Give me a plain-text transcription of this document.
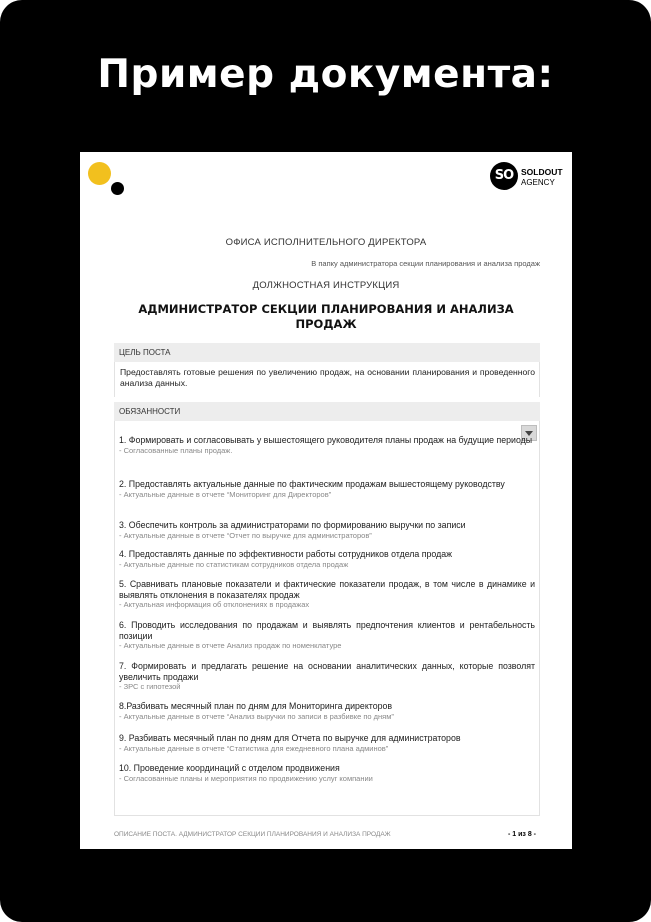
Пример документа:
SO SOLDOUT
AGENCY
ОФИСА ИСПОЛНИТЕЛЬНОГО ДИРЕКТОРА
В папку администратора секции планирования и анализа продаж
ДОЛЖНОСТНАЯ ИНСТРУКЦИЯ
АДМИНИСТРАТОР СЕКЦИИ ПЛАНИРОВАНИЯ И АНАЛИЗА ПРОДАЖ
ЦЕЛЬ ПОСТА
Предоставлять готовые решения по увеличению продаж, на основании планирования и проведенного анализа данных.
ОБЯЗАННОСТИ
1. Формировать и согласовывать у вышестоящего руководителя планы продаж на будущие периоды
- Согласованные планы продаж.
2. Предоставлять актуальные данные по фактическим продажам вышестоящему руководству
- Актуальные данные в отчете “Мониторинг для Директоров”
3. Обеспечить контроль за администраторами по формированию выручки по записи
- Актуальные данные в отчете “Отчет по выручке для администраторов”
4. Предоставлять данные по эффективности работы сотрудников отдела продаж
- Актуальные данные по статистикам сотрудников отдела продаж
5. Сравнивать плановые показатели и фактические показатели продаж, в том числе в динамике и выявлять отклонения в показателях продаж
- Актуальная информация об отклонениях в продажах
6. Проводить исследования по продажам и выявлять предпочтения клиентов и рентабельность позиции
- Актуальные данные в отчете Анализ продаж по номенклатуре
7. Формировать и предлагать решение на основании аналитических данных, которые позволят увеличить продажи
- ЗРС с гипотезой
8.Разбивать месячный план по дням для Мониторинга директоров
- Актуальные данные в отчете “Анализ выручки по записи в разбивке по дням”
9. Разбивать месячный план по дням для Отчета по выручке для администраторов
- Актуальные данные в отчете “Статистика для ежедневного плана админов”
10. Проведение координаций с отделом продвижения
- Согласованные планы и мероприятия по продвижению услуг компании
ОПИСАНИЕ ПОСТА. АДМИНИСТРАТОР СЕКЦИИ ПЛАНИРОВАНИЯ И АНАЛИЗА ПРОДАЖ	- 1 из 8 -
